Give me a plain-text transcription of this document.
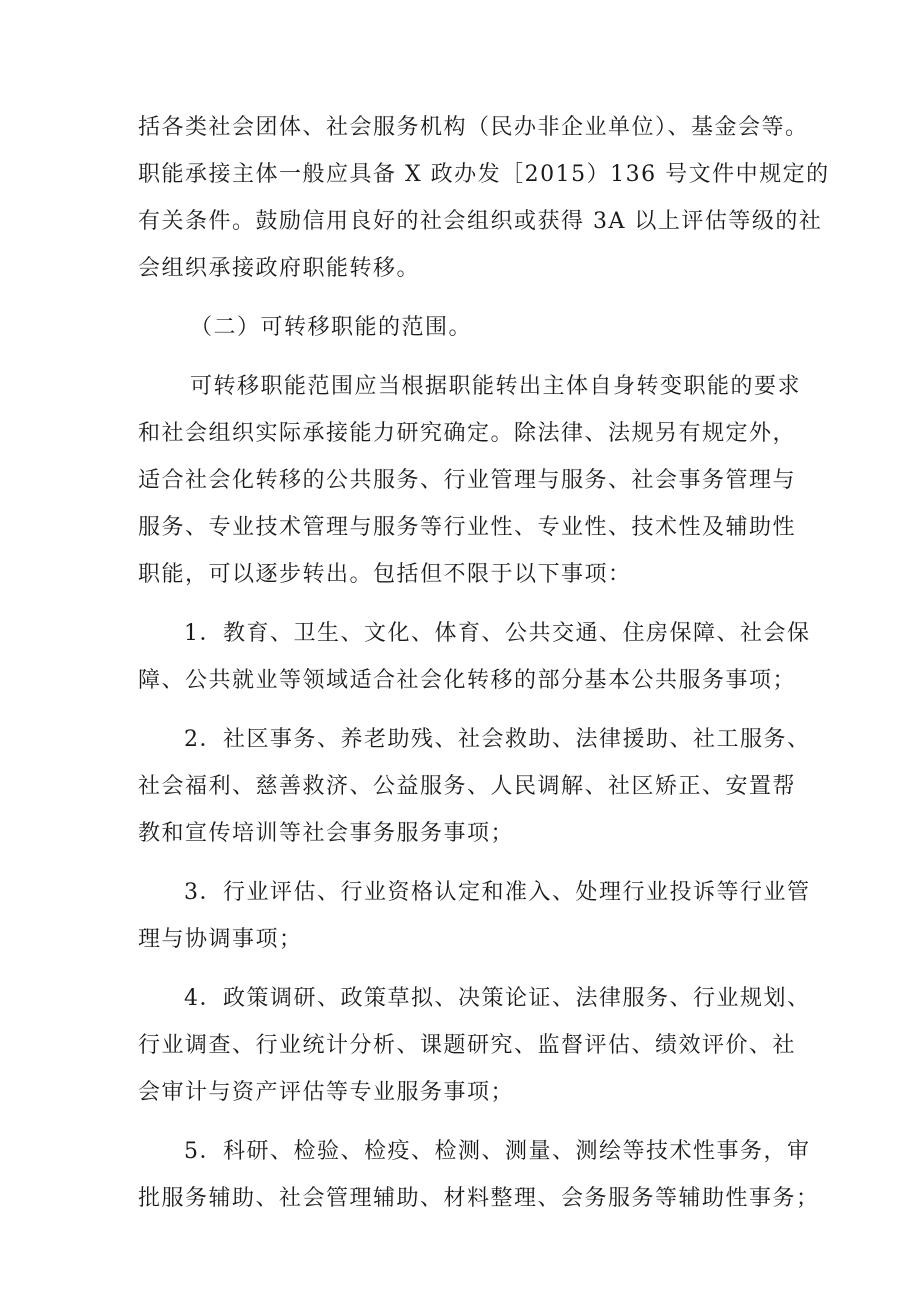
括各类社会团体、社会服务机构（民办非企业单位）、基金会等。
职能承接主体一般应具备 X 政办发［2015）136 号文件中规定的
有关条件。鼓励信用良好的社会组织或获得 3A 以上评估等级的社
会组织承接政府职能转移。
（二）可转移职能的范围。
可转移职能范围应当根据职能转出主体自身转变职能的要求
和社会组织实际承接能力研究确定。除法律、法规另有规定外，
适合社会化转移的公共服务、行业管理与服务、社会事务管理与
服务、专业技术管理与服务等行业性、专业性、技术性及辅助性
职能，可以逐步转出。包括但不限于以下事项：
1．教育、卫生、文化、体育、公共交通、住房保障、社会保
障、公共就业等领域适合社会化转移的部分基本公共服务事项；
2．社区事务、养老助残、社会救助、法律援助、社工服务、
社会福利、慈善救济、公益服务、人民调解、社区矫正、安置帮
教和宣传培训等社会事务服务事项；
3．行业评估、行业资格认定和准入、处理行业投诉等行业管
理与协调事项；
4．政策调研、政策草拟、决策论证、法律服务、行业规划、
行业调查、行业统计分析、课题研究、监督评估、绩效评价、社
会审计与资产评估等专业服务事项；
5．科研、检验、检疫、检测、测量、测绘等技术性事务，审
批服务辅助、社会管理辅助、材料整理、会务服务等辅助性事务；
